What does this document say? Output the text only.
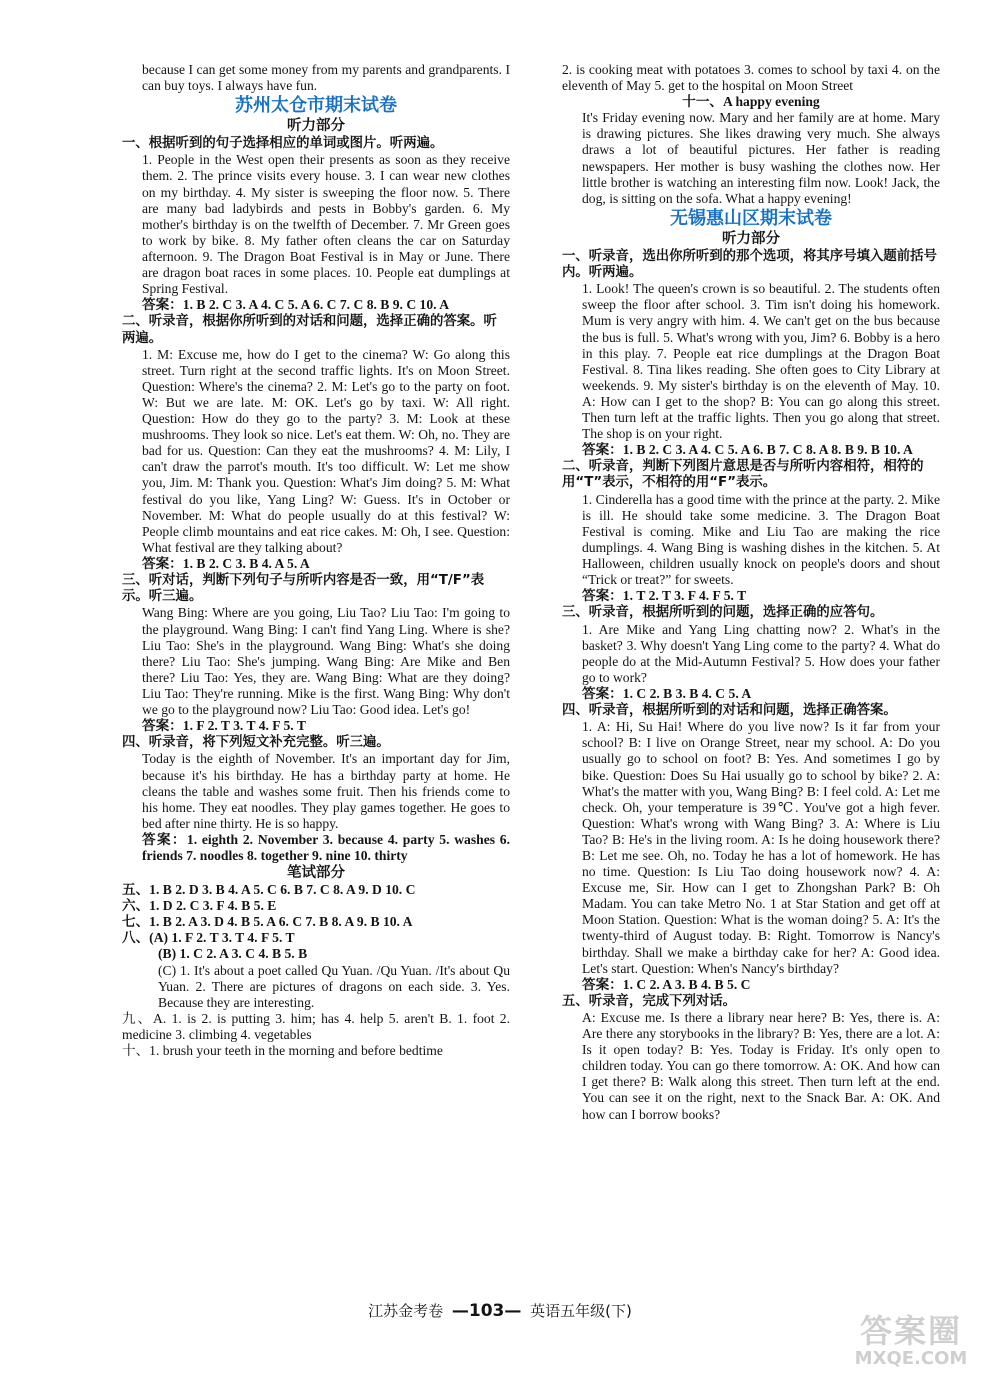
because I can get some money from my parents and grandparents. I can buy toys. I always have fun.
苏州太仓市期末试卷
听力部分
一、根据听到的句子选择相应的单词或图片。听两遍。
1. People in the West open their presents as soon as they receive them. 2. The prince visits every house. 3. I can wear new clothes on my birthday. 4. My sister is sweeping the floor now. 5. There are many bad ladybirds and pests in Bobby's garden. 6. My mother's birthday is on the twelfth of December. 7. Mr Green goes to work by bike. 8. My father often cleans the car on Saturday afternoon. 9. The Dragon Boat Festival is in May or June. There are dragon boat races in some places. 10. People eat dumplings at Spring Festival.
答案：1. B 2. C 3. A 4. C 5. A 6. C 7. C 8. B 9. C 10. A
二、听录音，根据你所听到的对话和问题，选择正确的答案。听两遍。
1. M: Excuse me, how do I get to the cinema? W: Go along this street. Turn right at the second traffic lights. It's on Moon Street. Question: Where's the cinema? 2. M: Let's go to the party on foot. W: But we are late. M: OK. Let's go by taxi. W: All right. Question: How do they go to the party? 3. M: Look at these mushrooms. They look so nice. Let's eat them. W: Oh, no. They are bad for us. Question: Can they eat the mushrooms? 4. M: Lily, I can't draw the parrot's mouth. It's too difficult. W: Let me show you, Jim. M: Thank you. Question: What's Jim doing? 5. M: What festival do you like, Yang Ling? W: Guess. It's in October or November. M: What do people usually do at this festival? W: People climb mountains and eat rice cakes. M: Oh, I see. Question: What festival are they talking about?
答案：1. B 2. C 3. B 4. A 5. A
三、听对话，判断下列句子与所听内容是否一致，用“T/F”表示。听三遍。
Wang Bing: Where are you going, Liu Tao? Liu Tao: I'm going to the playground. Wang Bing: I can't find Yang Ling. Where is she? Liu Tao: She's in the playground. Wang Bing: What's she doing there? Liu Tao: She's jumping. Wang Bing: Are Mike and Ben there? Liu Tao: Yes, they are. Wang Bing: What are they doing? Liu Tao: They're running. Mike is the first. Wang Bing: Why don't we go to the playground now? Liu Tao: Good idea. Let's go!
答案：1. F 2. T 3. T 4. F 5. T
四、听录音，将下列短文补充完整。听三遍。
Today is the eighth of November. It's an important day for Jim, because it's his birthday. He has a birthday party at home. He cleans the table and washes some fruit. Then his friends come to his home. They eat noodles. They play games together. He goes to bed after nine thirty. He is so happy.
答案：1. eighth 2. November 3. because 4. party 5. washes 6. friends 7. noodles 8. together 9. nine 10. thirty
笔试部分
五、1. B 2. D 3. B 4. A 5. C 6. B 7. C 8. A 9. D 10. C
六、1. D 2. C 3. F 4. B 5. E
七、1. B 2. A 3. D 4. B 5. A 6. C 7. B 8. A 9. B 10. A
八、(A) 1. F 2. T 3. T 4. F 5. T
(B) 1. C 2. A 3. C 4. B 5. B
(C) 1. It's about a poet called Qu Yuan. /Qu Yuan. /It's about Qu Yuan. 2. There are pictures of dragons on each side. 3. Yes. Because they are interesting.
九、A. 1. is 2. is putting 3. him; has 4. help 5. aren't B. 1. foot 2. medicine 3. climbing 4. vegetables
十、1. brush your teeth in the morning and before bedtime
2. is cooking meat with potatoes 3. comes to school by taxi 4. on the eleventh of May 5. get to the hospital on Moon Street
十一、A happy evening
It's Friday evening now. Mary and her family are at home. Mary is drawing pictures. She likes drawing very much. She always draws a lot of beautiful pictures. Her father is reading newspapers. Her mother is busy washing the clothes now. Her little brother is watching an interesting film now. Look! Jack, the dog, is sitting on the sofa. What a happy evening!
无锡惠山区期末试卷
听力部分
一、听录音，选出你所听到的那个选项，将其序号填入题前括号内。听两遍。
1. Look! The queen's crown is so beautiful. 2. The students often sweep the floor after school. 3. Tim isn't doing his homework. Mum is very angry with him. 4. We can't get on the bus because the bus is full. 5. What's wrong with you, Jim? 6. Bobby is a hero in this play. 7. People eat rice dumplings at the Dragon Boat Festival. 8. Tina likes reading. She often goes to City Library at weekends. 9. My sister's birthday is on the eleventh of May. 10. A: How can I get to the shop? B: You can go along this street. Then turn left at the traffic lights. Then you go along that street. The shop is on your right.
答案：1. B 2. C 3. A 4. C 5. A 6. B 7. C 8. A 8. B 9. B 10. A
二、听录音，判断下列图片意思是否与所听内容相符，相符的用“T”表示，不相符的用“F”表示。
1. Cinderella has a good time with the prince at the party. 2. Mike is ill. He should take some medicine. 3. The Dragon Boat Festival is coming. Mike and Liu Tao are making the rice dumplings. 4. Wang Bing is washing dishes in the kitchen. 5. At Halloween, children usually knock on people's doors and shout “Trick or treat?” for sweets.
答案：1. T 2. T 3. F 4. F 5. T
三、听录音，根据所听到的问题，选择正确的应答句。
1. Are Mike and Yang Ling chatting now? 2. What's in the basket? 3. Why doesn't Yang Ling come to the party? 4. What do people do at the Mid-Autumn Festival? 5. How does your father go to work?
答案：1. C 2. B 3. B 4. C 5. A
四、听录音，根据所听到的对话和问题，选择正确答案。
1. A: Hi, Su Hai! Where do you live now? Is it far from your school? B: I live on Orange Street, near my school. A: Do you usually go to school on foot? B: Yes. And sometimes I go by bike. Question: Does Su Hai usually go to school by bike? 2. A: What's the matter with you, Wang Bing? B: I feel cold. A: Let me check. Oh, your temperature is 39℃. You've got a high fever. Question: What's wrong with Wang Bing? 3. A: Where is Liu Tao? B: He's in the living room. A: Is he doing housework there? B: Let me see. Oh, no. Today he has a lot of homework. He has no time. Question: Is Liu Tao doing housework now? 4. A: Excuse me, Sir. How can I get to Zhongshan Park? B: Oh Madam. You can take Metro No. 1 at Star Station and get off at Moon Station. Question: What is the woman doing? 5. A: It's the twenty-third of August today. B: Right. Tomorrow is Nancy's birthday. Shall we make a birthday cake for her? A: Good idea. Let's start. Question: When's Nancy's birthday?
答案：1. C 2. A 3. B 4. B 5. C
五、听录音，完成下列对话。
A: Excuse me. Is there a library near here? B: Yes, there is. A: Are there any storybooks in the library? B: Yes, there are a lot. A: Is it open today? B: Yes. Today is Friday. It's only open to children today. You can go there tomorrow. A: OK. And how can I get there? B: Walk along this street. Then turn left at the end. You can see it on the right, next to the Snack Bar. A: OK. And how can I borrow books?
江苏金考卷 —103— 英语五年级(下)
答案圈
MXQE.COM
